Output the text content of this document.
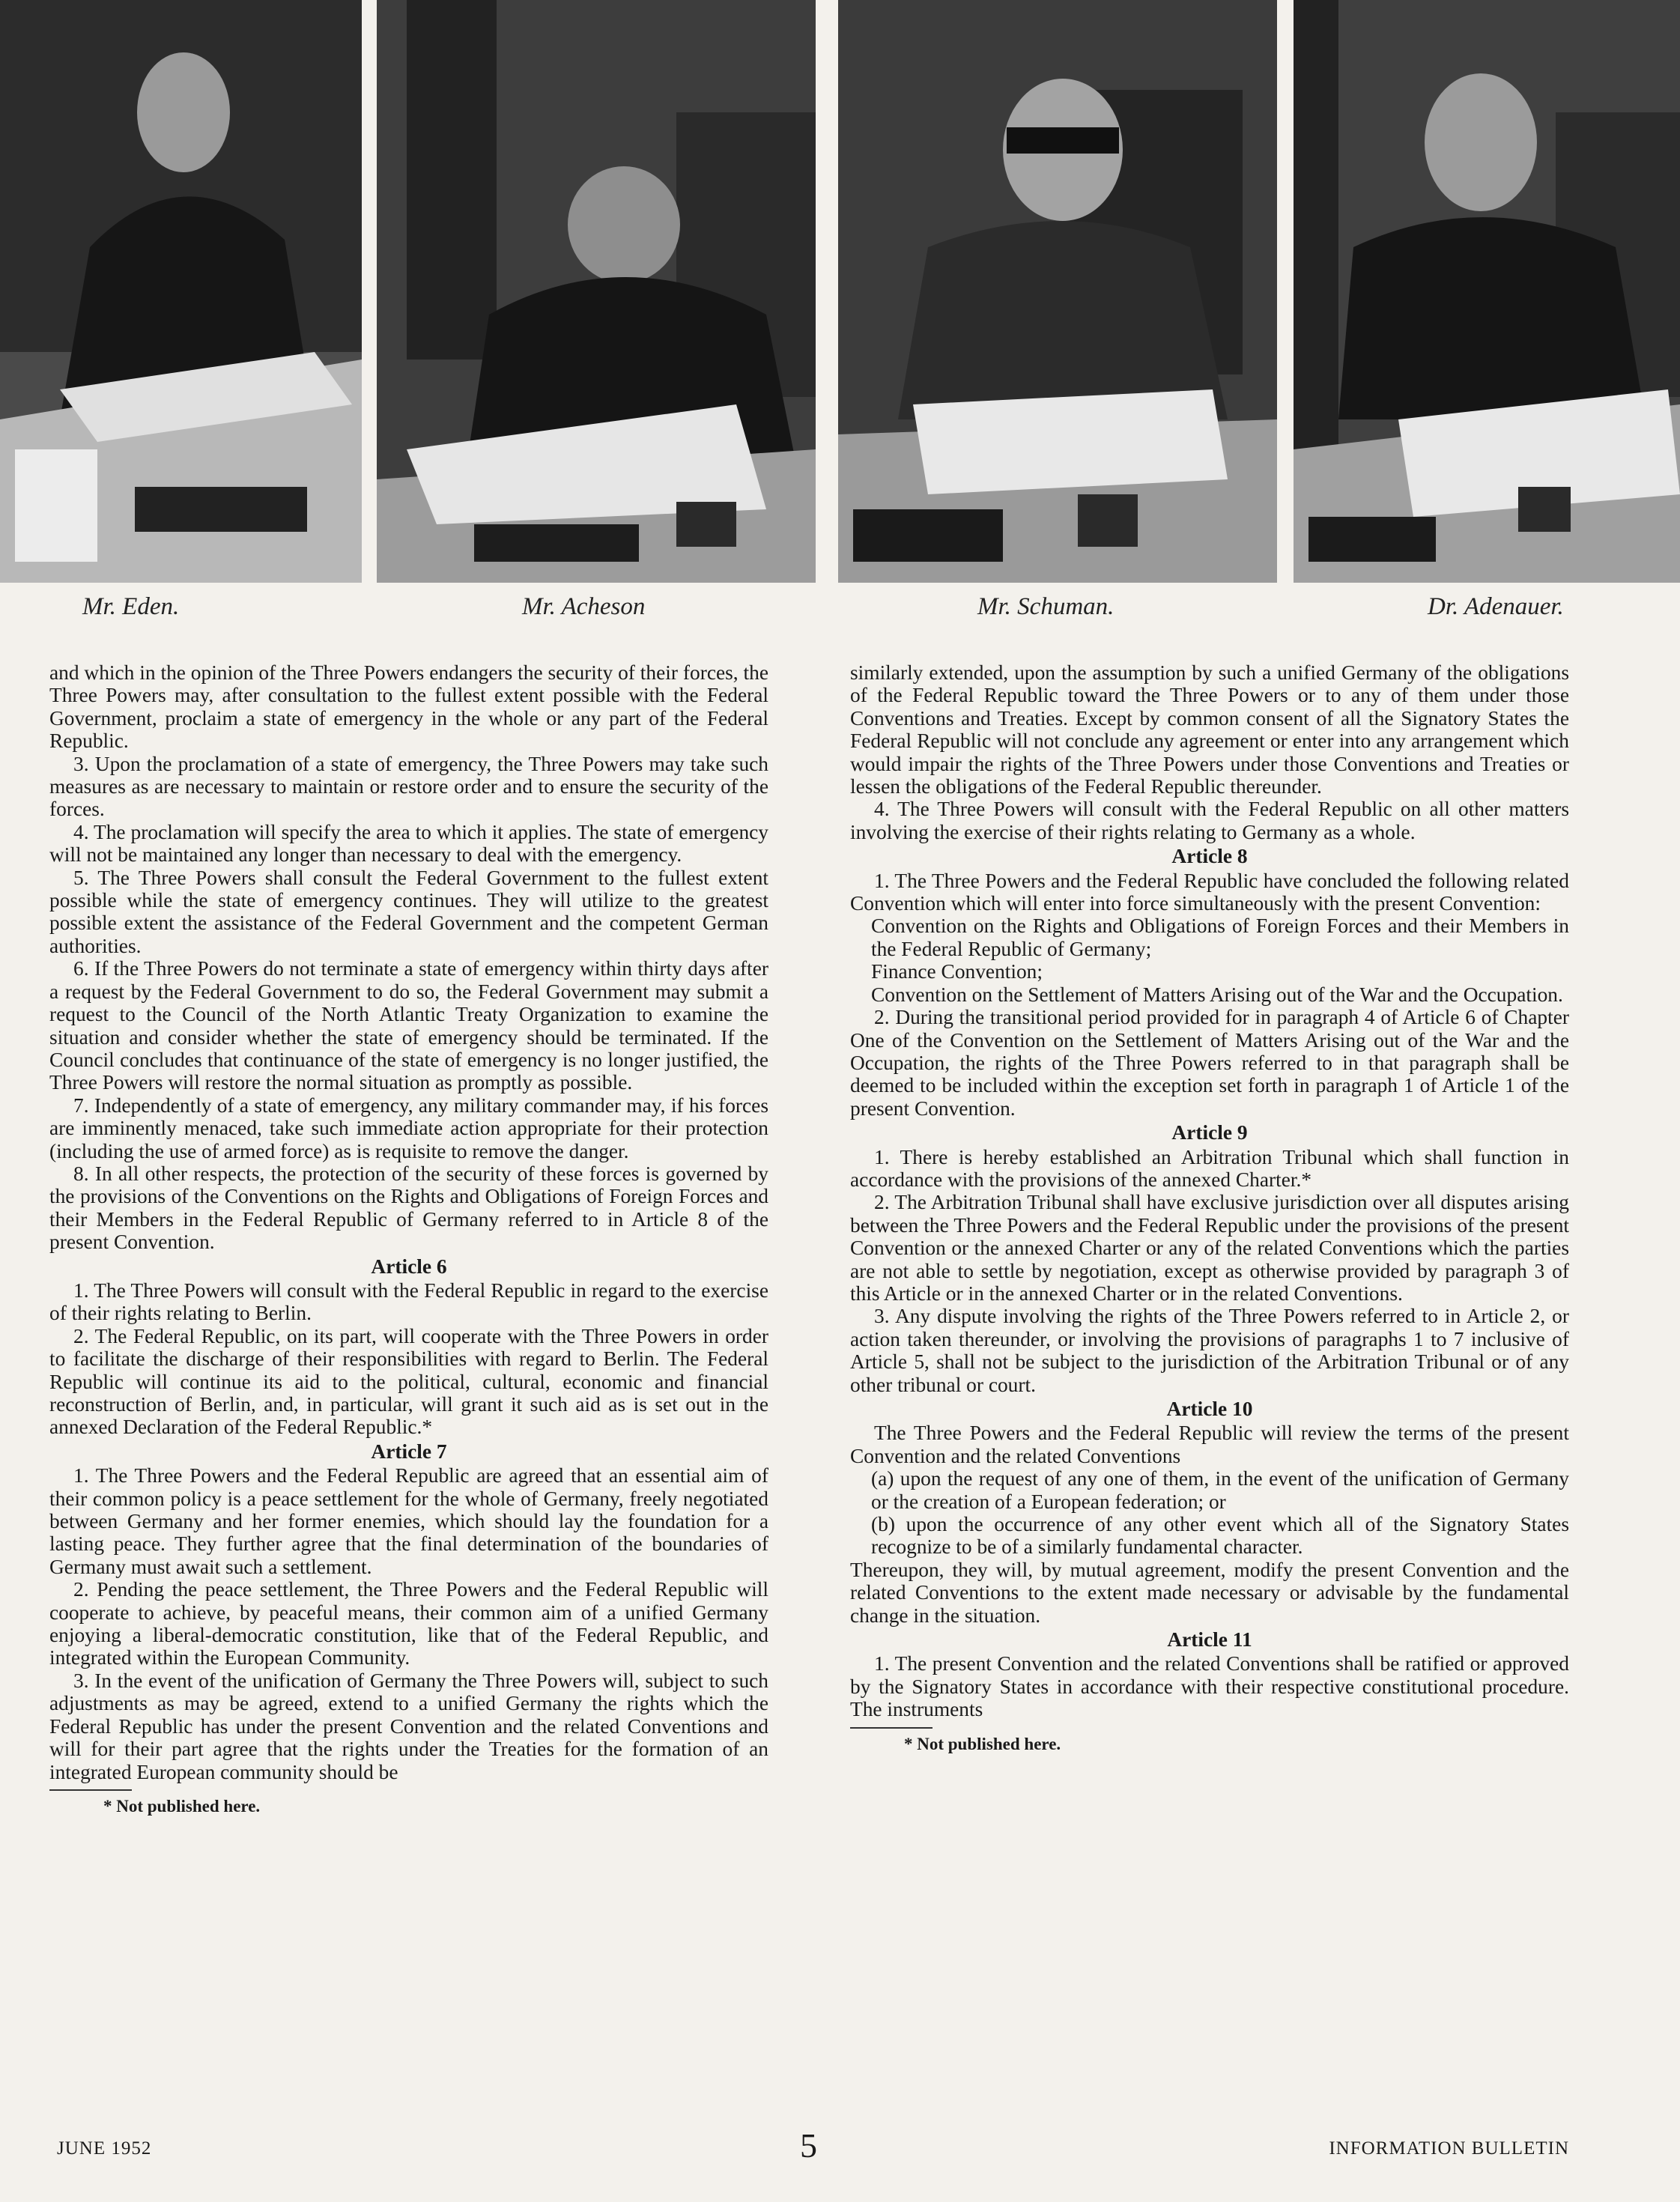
Mr. Eden.	Mr. Acheson	Mr. Schuman.	Dr. Adenauer.

and which in the opinion of the Three Powers endangers the security of their forces, the Three Powers may, after consultation to the fullest extent possible with the Federal Government, proclaim a state of emergency in the whole or any part of the Federal Republic.

3. Upon the proclamation of a state of emergency, the Three Powers may take such measures as are necessary to maintain or restore order and to ensure the security of the forces.

4. The proclamation will specify the area to which it applies. The state of emergency will not be maintained any longer than necessary to deal with the emergency.

5. The Three Powers shall consult the Federal Government to the fullest extent possible while the state of emergency continues. They will utilize to the greatest possible extent the assistance of the Federal Government and the competent German authorities.

6. If the Three Powers do not terminate a state of emergency within thirty days after a request by the Federal Government to do so, the Federal Government may submit a request to the Council of the North Atlantic Treaty Organization to examine the situation and consider whether the state of emergency should be terminated. If the Council concludes that continuance of the state of emergency is no longer justified, the Three Powers will restore the normal situation as promptly as possible.

7. Independently of a state of emergency, any military commander may, if his forces are imminently menaced, take such immediate action appropriate for their protection (including the use of armed force) as is requisite to remove the danger.

8. In all other respects, the protection of the security of these forces is governed by the provisions of the Conventions on the Rights and Obligations of Foreign Forces and their Members in the Federal Republic of Germany referred to in Article 8 of the present Convention.

Article 6

1. The Three Powers will consult with the Federal Republic in regard to the exercise of their rights relating to Berlin.

2. The Federal Republic, on its part, will cooperate with the Three Powers in order to facilitate the discharge of their responsibilities with regard to Berlin. The Federal Republic will continue its aid to the political, cultural, economic and financial reconstruction of Berlin, and, in particular, will grant it such aid as is set out in the annexed Declaration of the Federal Republic.*

Article 7

1. The Three Powers and the Federal Republic are agreed that an essential aim of their common policy is a peace settlement for the whole of Germany, freely negotiated between Germany and her former enemies, which should lay the foundation for a lasting peace. They further agree that the final determination of the boundaries of Germany must await such a settlement.

2. Pending the peace settlement, the Three Powers and the Federal Republic will cooperate to achieve, by peaceful means, their common aim of a unified Germany enjoying a liberal-democratic constitution, like that of the Federal Republic, and integrated within the European Community.

3. In the event of the unification of Germany the Three Powers will, subject to such adjustments as may be agreed, extend to a unified Germany the rights which the Federal Republic has under the present Convention and the related Conventions and will for their part agree that the rights under the Treaties for the formation of an integrated European community should be

* Not published here.

similarly extended, upon the assumption by such a unified Germany of the obligations of the Federal Republic toward the Three Powers or to any of them under those Conventions and Treaties. Except by common consent of all the Signatory States the Federal Republic will not conclude any agreement or enter into any arrangement which would impair the rights of the Three Powers under those Conventions and Treaties or lessen the obligations of the Federal Republic thereunder.

4. The Three Powers will consult with the Federal Republic on all other matters involving the exercise of their rights relating to Germany as a whole.

Article 8

1. The Three Powers and the Federal Republic have concluded the following related Convention which will enter into force simultaneously with the present Convention:

Convention on the Rights and Obligations of Foreign Forces and their Members in the Federal Republic of Germany;

Finance Convention;

Convention on the Settlement of Matters Arising out of the War and the Occupation.

2. During the transitional period provided for in paragraph 4 of Article 6 of Chapter One of the Convention on the Settlement of Matters Arising out of the War and the Occupation, the rights of the Three Powers referred to in that paragraph shall be deemed to be included within the exception set forth in paragraph 1 of Article 1 of the present Convention.

Article 9

1. There is hereby established an Arbitration Tribunal which shall function in accordance with the provisions of the annexed Charter.*

2. The Arbitration Tribunal shall have exclusive jurisdiction over all disputes arising between the Three Powers and the Federal Republic under the provisions of the present Convention or the annexed Charter or any of the related Conventions which the parties are not able to settle by negotiation, except as otherwise provided by paragraph 3 of this Article or in the annexed Charter or in the related Conventions.

3. Any dispute involving the rights of the Three Powers referred to in Article 2, or action taken thereunder, or involving the provisions of paragraphs 1 to 7 inclusive of Article 5, shall not be subject to the jurisdiction of the Arbitration Tribunal or of any other tribunal or court.

Article 10

The Three Powers and the Federal Republic will review the terms of the present Convention and the related Conventions

(a) upon the request of any one of them, in the event of the unification of Germany or the creation of a European federation; or

(b) upon the occurrence of any other event which all of the Signatory States recognize to be of a similarly fundamental character.

Thereupon, they will, by mutual agreement, modify the present Convention and the related Conventions to the extent made necessary or advisable by the fundamental change in the situation.

Article 11

1. The present Convention and the related Conventions shall be ratified or approved by the Signatory States in accordance with their respective constitutional procedure. The instruments

* Not published here.

JUNE 1952	5	INFORMATION BULLETIN
